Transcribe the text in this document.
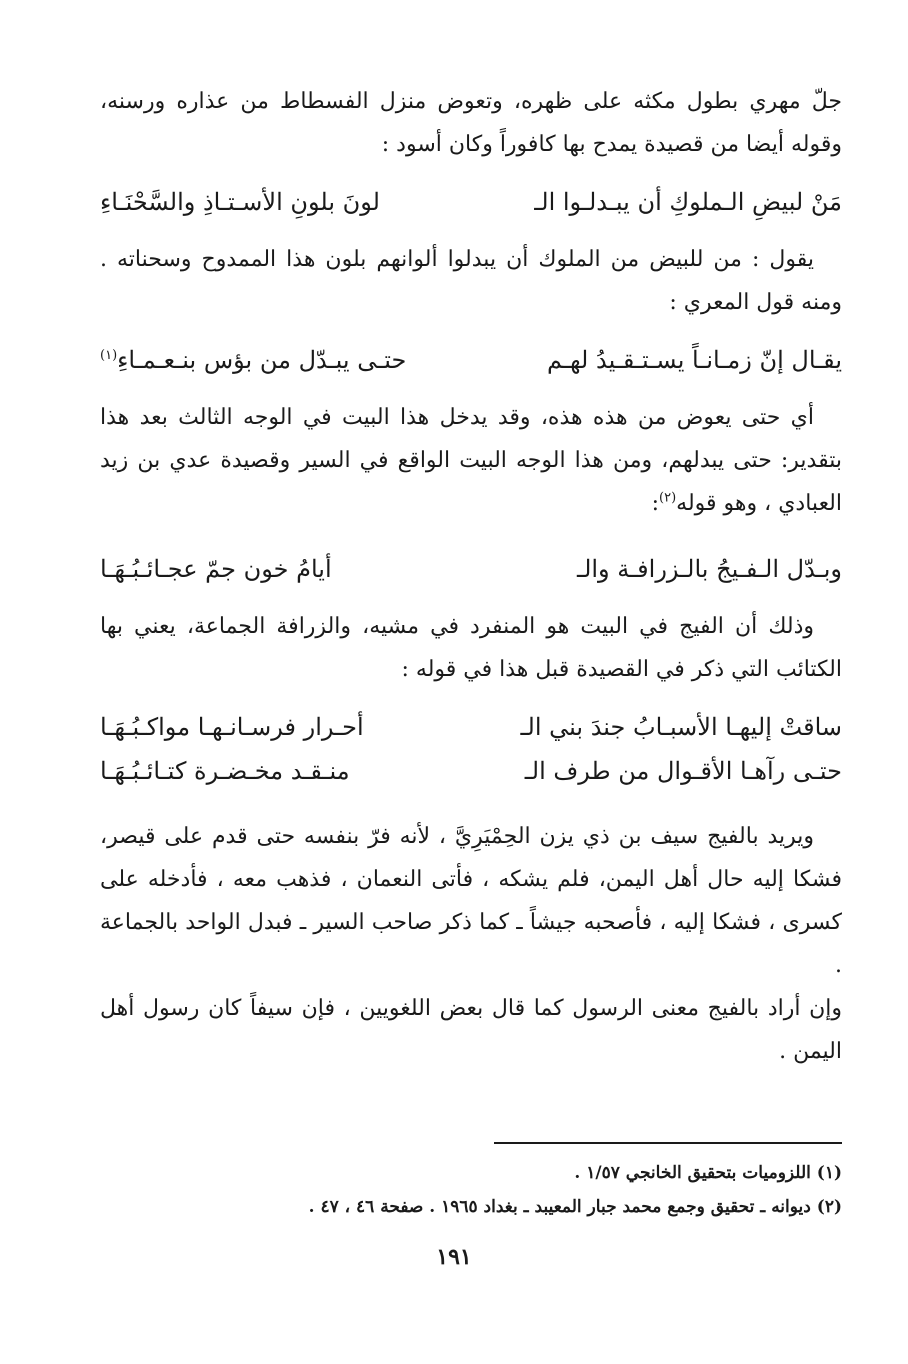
جلّ مهري بطول مكثه على ظهره، وتعوض منزل الفسطاط من عذاره ورسنه، وقوله أيضا من قصيدة يمدح بها كافوراً وكان أسود :

مَنْ لبيضِ الـملوكِ أن يبـدلـوا الـ
لونَ بلونِ الأسـتـاذِ والسَّحْنَـاءِ

يقول : من للبيض من الملوك أن يبدلوا ألوانهم بلون هذا الممدوح وسحناته . ومنه قول المعري :

يقـال إنّ زمـانـاً يسـتـقـيدُ لهـم
حتـى يبـدّل من بؤس بنـعـمـاءِ$^{(١)}$

أي حتى يعوض من هذه هذه، وقد يدخل هذا البيت في الوجه الثالث بعد هذا بتقدير: حتى يبدلهم، ومن هذا الوجه البيت الواقع في السير وقصيدة عدي بن زيد العبادي ، وهو قوله$^{(٢)}$:

وبـدّل الـفـيجُ بالـزرافـة والـ
أيامُ خون جمّ عجـائـبُـهَـا

وذلك أن الفيج في البيت هو المنفرد في مشيه، والزرافة الجماعة، يعني بها الكتائب التي ذكر في القصيدة قبل هذا في قوله :

ساقتْ إليهـا الأسبـابُ جندَ بني الـ
أحـرار فرسـانـهـا مواكـبُـهَـا
حتـى رآهـا الأقـوال من طرف الـ
منـقـد مخـضـرة كتـائـبُـهَـا

ويريد بالفيج سيف بن ذي يزن الحِمْيَرِيَّ ، لأنه فرّ بنفسه حتى قدم على قيصر، فشكا إليه حال أهل اليمن، فلم يشكه ، فأتى النعمان ، فذهب معه ، فأدخله على كسرى ، فشكا إليه ، فأصحبه جيشاً ـ كما ذكر صاحب السير ـ فبدل الواحد بالجماعة .

وإن أراد بالفيج معنى الرسول كما قال بعض اللغويين ، فإن سيفاً كان رسول أهل اليمن .

(١) اللزوميات بتحقيق الخانجي ١/٥٧ .

(٢) ديوانه ـ تحقيق وجمع محمد جبار المعيبد ـ بغداد ١٩٦٥ . صفحة ٤٦ ، ٤٧ .

١٩١
